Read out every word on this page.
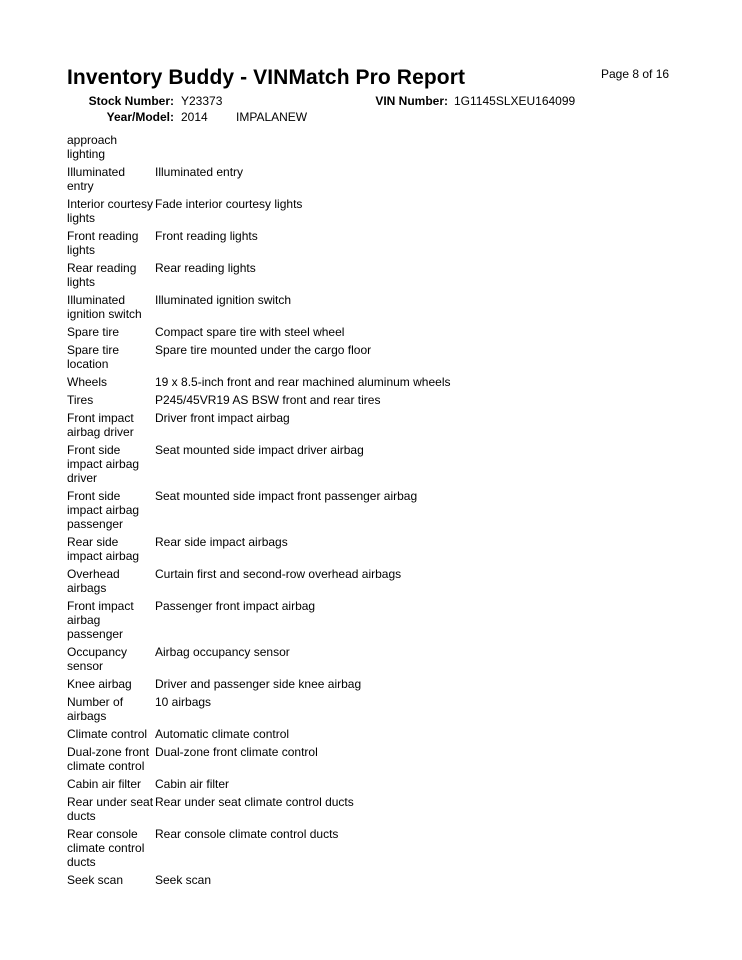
Inventory Buddy - VINMatch Pro Report	Page 8 of 16
Stock Number: Y23373	VIN Number: 1G1145SLXEU164099
Year/Model: 2014 IMPALANEW
approach lighting	
Illuminated entry	Illuminated entry
Interior courtesy lights	Fade interior courtesy lights
Front reading lights	Front reading lights
Rear reading lights	Rear reading lights
Illuminated ignition switch	Illuminated ignition switch
Spare tire	Compact spare tire with steel wheel
Spare tire location	Spare tire mounted under the cargo floor
Wheels	19 x 8.5-inch front and rear machined aluminum wheels
Tires	P245/45VR19 AS BSW front and rear tires
Front impact airbag driver	Driver front impact airbag
Front side impact airbag driver	Seat mounted side impact driver airbag
Front side impact airbag passenger	Seat mounted side impact front passenger airbag
Rear side impact airbag	Rear side impact airbags
Overhead airbags	Curtain first and second-row overhead airbags
Front impact airbag passenger	Passenger front impact airbag
Occupancy sensor	Airbag occupancy sensor
Knee airbag	Driver and passenger side knee airbag
Number of airbags	10 airbags
Climate control	Automatic climate control
Dual-zone front climate control	Dual-zone front climate control
Cabin air filter	Cabin air filter
Rear under seat ducts	Rear under seat climate control ducts
Rear console climate control ducts	Rear console climate control ducts
Seek scan	Seek scan
